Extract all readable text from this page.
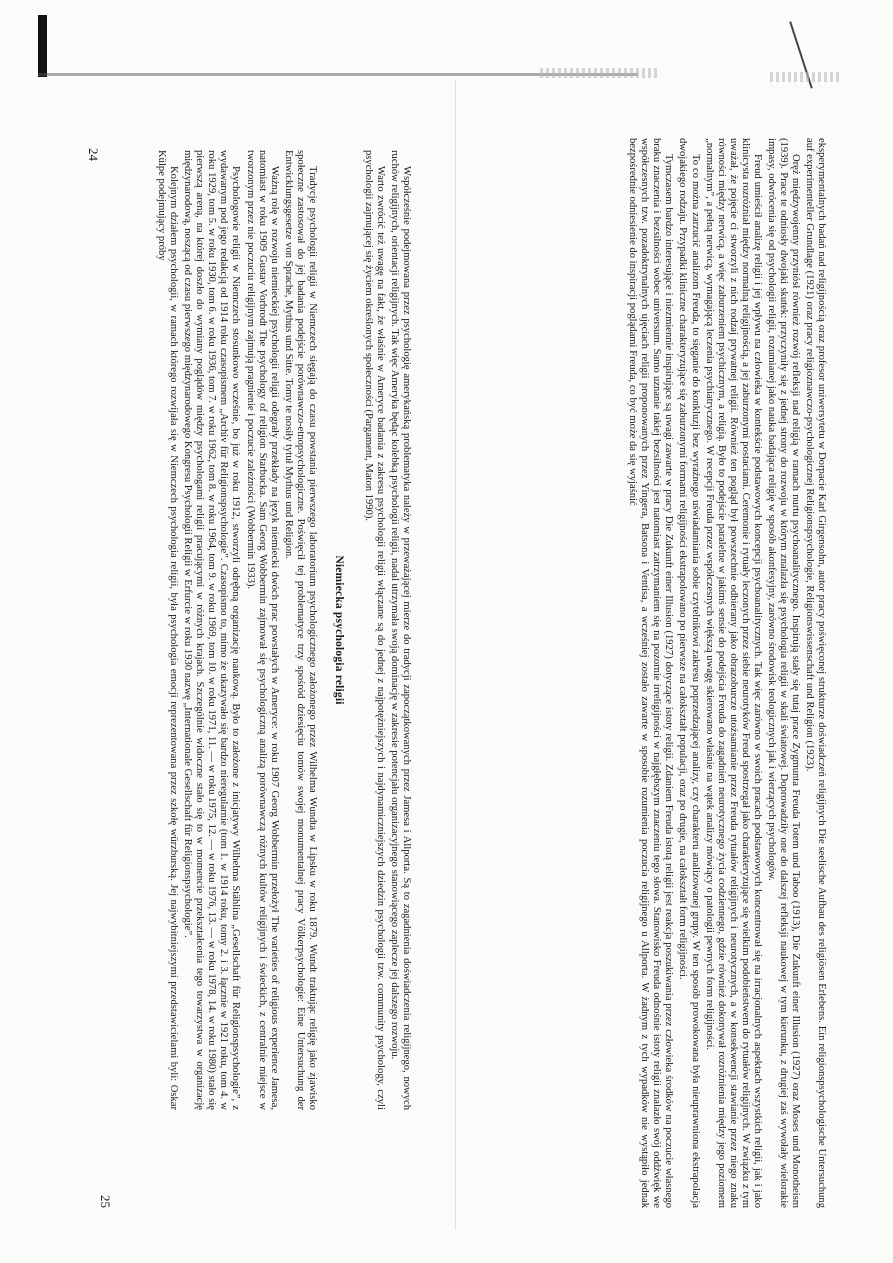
24

Współcześnie podejmowana przez psychologię amerykańską problematyka należy w przeważającej mierze do tradycji zapoczątkowanych przez Jamesa i Allporta. Są to zagadnienia doświadczenia religijnego, nowych ruchów religijnych, orientacji religijnych. Tak więc Ameryka będąc kolebką psychologii religii, nadal utrzymała swoją dominację w zakresie potencjału organizacyjnego stanowiącego zaplecze jej dalszego rozwoju.

Warto zwrócić też uwagę na fakt, że właśnie w Ameryce badania z zakresu psychologii religii włączane są do jednej z najpotężniejszych i najdynamiczniejszych dziedzin psychologii tzw. community psychology, czyli psychologii zajmującej się życiem określonych społeczności (Pargament, Maton 1990).

Niemiecka psychologia religii

Tradycje psychologii religii w Niemczech sięgają do czasu powstania pierwszego laboratorium psychologicznego założonego przez Wilhelma Wundta w Lipsku w roku 1879. Wundt traktując religię jako zjawisko społeczne zastosował do jej badania podejście porównawczo-etnopsychologiczne. Poświęcił tej problematyce trzy spośród dziesięciu tomów swojej monumentalnej pracy Völkerpsychologie: Eine Untersuchung der Entwicklungsgesetze von Sprache, Mythus und Sitte. Tomy te nosiły tytuł Mythus und Religion.

Ważną rolę w rozwoju niemieckiej psychologii religii odegrały przekłady na język niemiecki dwóch prac powstałych w Ameryce: w roku 1907 Georg Wobbermin przełożył The varieties of religious experience Jamesa, natomiast w roku 1909 Gustav Vorbrodt The psychology of religion Starbucka. Sam Georg Wobbermin zajmował się psychologiczną analizą porównawczą różnych kultów religijnych i świeckich, z centralnie miejsce w tworzonym przez nie poczuciu religijnym zajmują pragnienie i poczucie zależności (Wobbermin 1933).

Psychologowie religii w Niemczech stosunkowo wcześnie, bo już w roku 1912, stworzyli odrębną organizację naukową. Było to założone z inicjatywy Wilhelma Stählina „Gesellschaft für Religionspsychologie”, z wydawanym pod jego redakcją od 1914 roku czasopismem „Archiv für Religionspsychologie”. Czasopismo to, mimo że ukazywało się bardzo nieregularnie (tom 1. w 1914 roku, tomy 2. i 3. łącznie w 1921 roku, tom 4. w roku 1929, tom 5. w roku 1930, tom 6. w roku 1936, tom 7. w roku 1962, tom 8. w roku 1964, tom 9. w roku 1969, tom 10. w roku 1971, 11. — w roku 1975, 12. — w roku 1976, 13. — w roku 1978, 14. w roku 1980) stało się pierwszą areną, na której doszło do wymiany poglądów między psychologami religii pracującymi w różnych krajach. Szczególnie widoczne stało się to w momencie przekształcenia tego towarzystwa w organizację międzynarodową, noszącą od czasu pierwszego międzynarodowego Kongresu Psychologii Religii w Erfurcie w roku 1930 nazwę „Internationale Gesellschaft für Religionspsychologie”.

Kolejnym działem psychologii, w ramach którego rozwijała się w Niemczech psychologia religii, była psychologia emocji reprezentowana przez szkołę würzburską. Jej najwybitniejszymi przedstawicielami byli: Oskar Külpe podejmujący próby

25	eksperymentalnych badań nad religijnością oraz profesor uniwersytetu w Dorpacie Karl Girgensohn, autor pracy poświęconej strukturze doświadczeń religijnych Die seelische Aufbau des religiösen Erlebens. Ein religionspsychologische Untersuchung auf experimenteller Grundlage (1921) oraz pracy religioznawczo-psychologicznej Religionspsychologie, Religionswissenschaft und Religion (1923).

Oręż międzywojenny przyniósł również rozwój refleksji nad religią w ramach nurtu psychoanalitycznego. Inspirują stały się tutaj prace Zygmunta Freuda Totem und Taboo (1913), Die Zukunft einer Illusion (1927) oraz Moses und Monotheism (1939). Prace te odniosły dwojaki skutek: przyczyniły się z jednej strony do rozwoju w którym znalazła się psychologia religii w skali światowej. Doprowadziły one do dalszej refleksji naukowej w tym kierunku, z drugiej zaś wywołały wielorakie impasy, odwrócenia się od psychologii religii, rozumianej jako nauka badająca religię w sposób akonfesyjny, zarówno środowisk teologicznych jak i wierzących psychologów.

Freud umieścił analizę religii i jej wpływu na człowieka w kontekście podstawowych koncepcji psychoanalitycznych. Tak więc zarówno w swoich pracach podstawowych koncentrował się na irracjonalnych aspektach wszystkich religii, jak i jako klinicysta rozróżniał między normalną religijnością, a jej zaburzonymi postaciami. Ceremonie i rytuały leczonych przez siebie neurotyków Freud spostrzegał jako charakteryzujące się wielkim podobieństwem do rytuałów religijnych. W związku z tym uważał, że pojęcie ci stworzyli z nich rodzaj prywatnej religii. Również ten pogląd był powszechnie odbierany jako obrazoburcze utożsamianie przez Freuda rytuałów religijnych i neurotycznych, a w konsekwencji stawianie przez niego znaku równości między nerwicą, a więc zaburzeniem psychicznym, a religią. Było to podejście paralelne w jakimś sensie do podejścia Freuda do zagadnień neurotycznego życia codziennego, gdzie również dokonywał rozróżnienia między jego poziomem „normalnym”, a pełną nerwicą, wymagającą leczenia psychiatrycznego. W recepcji Freuda przez współczesnych większą uwagę skierowano właśnie na wątek analizy mówiący o patologii pewnych form religijności.

To co można zarzucić analizom Freuda, to sięganie do konkluzji bez wyraźnego uświadamiania sobie czytelnikowi zakresu poprzedzającej analizy, czy charakteru analizowanej grupy. W ten sposób prowokowana była nieuprawniona ekstrapolacja dwojakiego rodzaju. Przypadki kliniczne charakteryzujące się zaburzonymi formami religijności ekstrapolowano po pierwsze na całokształt populacji, oraz po drugie, na całokształt form religijności.

Tymczasem bardzo interesujące i niezmiennie inspirujące są uwagi zawarte w pracy Die Zukunft einer Illusion (1927) dotyczące istoty religii. Zdaniem Freuda istotą religii jest reakcja poszukiwania przez człowieka środków na poczucie własnego braku znaczenia i bezsilności wobec universum. Samo uznanie takiej bezsilności jest natomiast zatrzymaniem się na pozornie irreligijności w najgłębszym znaczeniu tego słowa. Stanowisko Freuda odnośnie istoty religii znalazło swój oddźwięk we współczesnych tzw. pozadoktrynalnych ujęciach religii proponowanych przez Yingera, Batsona i Ventisa, a wcześniej zostało zawarte w sposobie rozumienia poczucia religijnego u Allporta. W żadnym z tych wypadków nie wystąpiło jednak bezpośrednie odniesienie do inspiracji poglądami Freuda, co być może da się wyjaśnić
